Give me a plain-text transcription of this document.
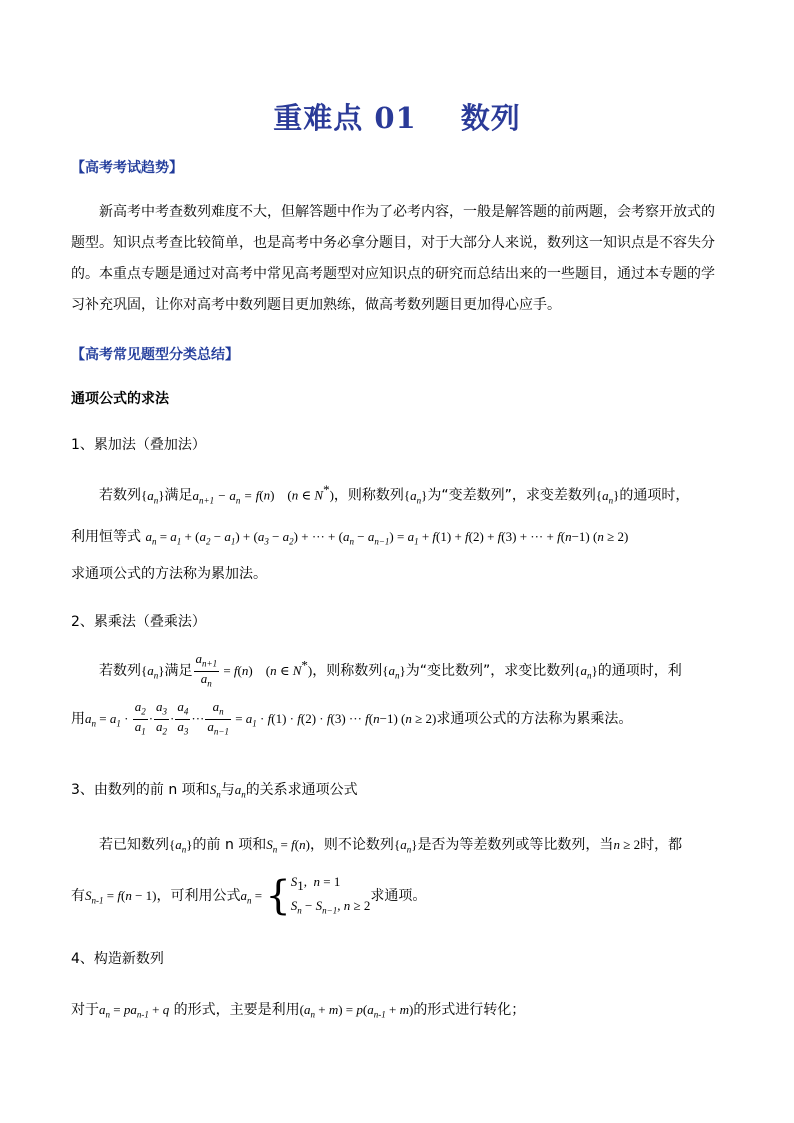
重难点 01 数列
【高考考试趋势】
新高考中考查数列难度不大，但解答题中作为了必考内容，一般是解答题的前两题，会考察开放式的题型。知识点考查比较简单，也是高考中务必拿分题目，对于大部分人来说，数列这一知识点是不容失分的。本重点专题是通过对高考中常见高考题型对应知识点的研究而总结出来的一些题目，通过本专题的学习补充巩固，让你对高考中数列题目更加熟练，做高考数列题目更加得心应手。
【高考常见题型分类总结】
通项公式的求法
1、累加法（叠加法）
若数列$\{a_n\}$满足$a_{n+1} - a_n = f(n)$    (n ∈ N*)，则称数列$\{a_n\}$为“变差数列”，求变差数列$\{a_n\}$的通项时，
利用恒等式 $a_n = a_1 + (a_2 - a_1) + (a_3 - a_2)$ + ··· + $(a_n - a_{n-1}) = a_1 + f(1) + f(2) + f(3)$ + ··· + f(n−1) (n ≥ 2)
求通项公式的方法称为累加法。
2、累乘法（叠乘法）
若数列$\{a_n\}$满足 $\frac{a_{n+1}}{a_n} = f(n)$    (n ∈ N*)，则称数列$\{a_n\}$为“变比数列”，求变比数列$\{a_n\}$的通项时，利
用$a_n = a_1 \cdot \frac{a_2}{a_1} \cdot \frac{a_3}{a_2} \cdot \frac{a_4}{a_3}$ ··· $\frac{a_n}{a_{n-1}} = a_1 \cdot f(1) \cdot f(2) \cdot f(3)$ ··· f(n−1) (n ≥ 2)求通项公式的方法称为累乘法。
3、由数列的前 n 项和$S_n$与$a_n$的关系求通项公式
若已知数列$\{a_n\}$的前 n 项和$S_n = f(n)$，则不论数列$\{a_n\}$是否为等差数列或等比数列，当n ≥ 2时，都
有$S_{n-1} = f(n - 1)$，可利用公式$a_n$ = { $S_1$,  n = 1
$S_n - S_{n-1}$, n ≥ 2
求通项。
4、构造新数列
对于$a_n = pa_{n-1} + q$ 的形式，主要是利用$(a_n + m) = p(a_{n-1} + m)$的形式进行转化；
